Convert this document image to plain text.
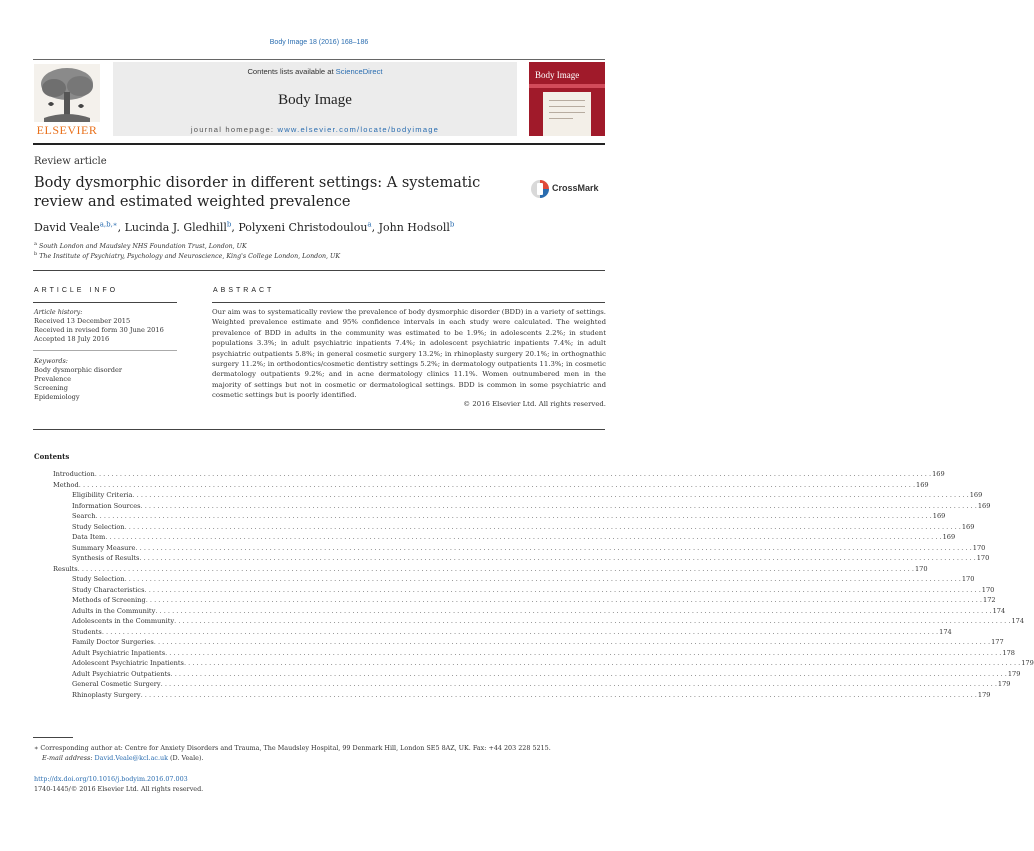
Body Image 18 (2016) 168–186
ELSEVIER
Contents lists available at ScienceDirect
Body Image
journal homepage: www.elsevier.com/locate/bodyimage
Body Image
Review article
Body dysmorphic disorder in different settings: A systematic review and estimated weighted prevalence
CrossMark
David Veale$^{a,b,∗}$, Lucinda J. Gledhill$^b$, Polyxeni Christodoulou$^a$, John Hodsoll$^b$
$^a$ South London and Maudsley NHS Foundation Trust, London, UK
$^b$ The Institute of Psychiatry, Psychology and Neuroscience, King's College London, London, UK
ARTICLE INFO
Article history:
Received 13 December 2015
Received in revised form 30 June 2016
Accepted 18 July 2016
Keywords:
Body dysmorphic disorder
Prevalence
Screening
Epidemiology
ABSTRACT
Our aim was to systematically review the prevalence of body dysmorphic disorder (BDD) in a variety of settings. Weighted prevalence estimate and 95% confidence intervals in each study were calculated. The weighted prevalence of BDD in adults in the community was estimated to be 1.9%; in adolescents 2.2%; in student populations 3.3%; in adult psychiatric inpatients 7.4%; in adolescent psychiatric inpatients 7.4%; in adult psychiatric outpatients 5.8%; in general cosmetic surgery 13.2%; in rhinoplasty surgery 20.1%; in orthognathic surgery 11.2%; in orthodontics/cosmetic dentistry settings 5.2%; in dermatology outpatients 11.3%; in cosmetic dermatology outpatients 9.2%; and in acne dermatology clinics 11.1%. Women outnumbered men in the majority of settings but not in cosmetic or dermatological settings. BDD is common in some psychiatric and cosmetic settings but is poorly identified.
© 2016 Elsevier Ltd. All rights reserved.
Contents
Introduction . . . . . . . . . . . . . . . . . . . . . . . . . . . . . . . . . . . . . . . . . . . . . . . . . . . . . . . . . . . . . . . . . . . . . . . . . . . . . . . . . . . . . . . . . . . . . . . . . . . . . . . . . . . . . . . . . . . . . . . . . . . . . . . . . . . . . . . . . . . . . . . . . . . . . . . . . . . . . . . . . . . . . . . . . . . . . . . . . . . . . . . . . . . . . . . . . . . . . . . . 169
Method . . . . . . . . . . . . . . . . . . . . . . . . . . . . . . . . . . . . . . . . . . . . . . . . . . . . . . . . . . . . . . . . . . . . . . . . . . . . . . . . . . . . . . . . . . . . . . . . . . . . . . . . . . . . . . . . . . . . . . . . . . . . . . . . . . . . . . . . . . . . . . . . . . . . . . . . . . . . . . . . . . . . . . . . . . . . . . . . . . . . . . . . . . . . . . . . . . . . . . . . 169
Eligibility Criteria . . . . . . . . . . . . . . . . . . . . . . . . . . . . . . . . . . . . . . . . . . . . . . . . . . . . . . . . . . . . . . . . . . . . . . . . . . . . . . . . . . . . . . . . . . . . . . . . . . . . . . . . . . . . . . . . . . . . . . . . . . . . . . . . . . . . . . . . . . . . . . . . . . . . . . . . . . . . . . . . . . . . . . . . . . . . . . . . . . . . . . . . . . . . . . . . . . . . . . . . 169
Information Sources . . . . . . . . . . . . . . . . . . . . . . . . . . . . . . . . . . . . . . . . . . . . . . . . . . . . . . . . . . . . . . . . . . . . . . . . . . . . . . . . . . . . . . . . . . . . . . . . . . . . . . . . . . . . . . . . . . . . . . . . . . . . . . . . . . . . . . . . . . . . . . . . . . . . . . . . . . . . . . . . . . . . . . . . . . . . . . . . . . . . . . . . . . . . . . . . . . . . . . . . 169
Search . . . . . . . . . . . . . . . . . . . . . . . . . . . . . . . . . . . . . . . . . . . . . . . . . . . . . . . . . . . . . . . . . . . . . . . . . . . . . . . . . . . . . . . . . . . . . . . . . . . . . . . . . . . . . . . . . . . . . . . . . . . . . . . . . . . . . . . . . . . . . . . . . . . . . . . . . . . . . . . . . . . . . . . . . . . . . . . . . . . . . . . . . . . . . . . . . . . . . . . . 169
Study Selection . . . . . . . . . . . . . . . . . . . . . . . . . . . . . . . . . . . . . . . . . . . . . . . . . . . . . . . . . . . . . . . . . . . . . . . . . . . . . . . . . . . . . . . . . . . . . . . . . . . . . . . . . . . . . . . . . . . . . . . . . . . . . . . . . . . . . . . . . . . . . . . . . . . . . . . . . . . . . . . . . . . . . . . . . . . . . . . . . . . . . . . . . . . . . . . . . . . . . . . . 169
Data Item . . . . . . . . . . . . . . . . . . . . . . . . . . . . . . . . . . . . . . . . . . . . . . . . . . . . . . . . . . . . . . . . . . . . . . . . . . . . . . . . . . . . . . . . . . . . . . . . . . . . . . . . . . . . . . . . . . . . . . . . . . . . . . . . . . . . . . . . . . . . . . . . . . . . . . . . . . . . . . . . . . . . . . . . . . . . . . . . . . . . . . . . . . . . . . . . . . . . . . . . 169
Summary Measure . . . . . . . . . . . . . . . . . . . . . . . . . . . . . . . . . . . . . . . . . . . . . . . . . . . . . . . . . . . . . . . . . . . . . . . . . . . . . . . . . . . . . . . . . . . . . . . . . . . . . . . . . . . . . . . . . . . . . . . . . . . . . . . . . . . . . . . . . . . . . . . . . . . . . . . . . . . . . . . . . . . . . . . . . . . . . . . . . . . . . . . . . . . . . . . . . . . . . . . . 170
Synthesis of Results . . . . . . . . . . . . . . . . . . . . . . . . . . . . . . . . . . . . . . . . . . . . . . . . . . . . . . . . . . . . . . . . . . . . . . . . . . . . . . . . . . . . . . . . . . . . . . . . . . . . . . . . . . . . . . . . . . . . . . . . . . . . . . . . . . . . . . . . . . . . . . . . . . . . . . . . . . . . . . . . . . . . . . . . . . . . . . . . . . . . . . . . . . . . . . . . . . . . . . . . 170
Results . . . . . . . . . . . . . . . . . . . . . . . . . . . . . . . . . . . . . . . . . . . . . . . . . . . . . . . . . . . . . . . . . . . . . . . . . . . . . . . . . . . . . . . . . . . . . . . . . . . . . . . . . . . . . . . . . . . . . . . . . . . . . . . . . . . . . . . . . . . . . . . . . . . . . . . . . . . . . . . . . . . . . . . . . . . . . . . . . . . . . . . . . . . . . . . . . . . . . . . . 170
Study Selection . . . . . . . . . . . . . . . . . . . . . . . . . . . . . . . . . . . . . . . . . . . . . . . . . . . . . . . . . . . . . . . . . . . . . . . . . . . . . . . . . . . . . . . . . . . . . . . . . . . . . . . . . . . . . . . . . . . . . . . . . . . . . . . . . . . . . . . . . . . . . . . . . . . . . . . . . . . . . . . . . . . . . . . . . . . . . . . . . . . . . . . . . . . . . . . . . . . . . . . . 170
Study Characteristics . . . . . . . . . . . . . . . . . . . . . . . . . . . . . . . . . . . . . . . . . . . . . . . . . . . . . . . . . . . . . . . . . . . . . . . . . . . . . . . . . . . . . . . . . . . . . . . . . . . . . . . . . . . . . . . . . . . . . . . . . . . . . . . . . . . . . . . . . . . . . . . . . . . . . . . . . . . . . . . . . . . . . . . . . . . . . . . . . . . . . . . . . . . . . . . . . . . . . . . . 170
Methods of Screening . . . . . . . . . . . . . . . . . . . . . . . . . . . . . . . . . . . . . . . . . . . . . . . . . . . . . . . . . . . . . . . . . . . . . . . . . . . . . . . . . . . . . . . . . . . . . . . . . . . . . . . . . . . . . . . . . . . . . . . . . . . . . . . . . . . . . . . . . . . . . . . . . . . . . . . . . . . . . . . . . . . . . . . . . . . . . . . . . . . . . . . . . . . . . . . . . . . . . . . . 172
Adults in the Community . . . . . . . . . . . . . . . . . . . . . . . . . . . . . . . . . . . . . . . . . . . . . . . . . . . . . . . . . . . . . . . . . . . . . . . . . . . . . . . . . . . . . . . . . . . . . . . . . . . . . . . . . . . . . . . . . . . . . . . . . . . . . . . . . . . . . . . . . . . . . . . . . . . . . . . . . . . . . . . . . . . . . . . . . . . . . . . . . . . . . . . . . . . . . . . . . . . . . . . . 174
Adolescents in the Community . . . . . . . . . . . . . . . . . . . . . . . . . . . . . . . . . . . . . . . . . . . . . . . . . . . . . . . . . . . . . . . . . . . . . . . . . . . . . . . . . . . . . . . . . . . . . . . . . . . . . . . . . . . . . . . . . . . . . . . . . . . . . . . . . . . . . . . . . . . . . . . . . . . . . . . . . . . . . . . . . . . . . . . . . . . . . . . . . . . . . . . . . . . . . . . . . . . . . . . . 174
Students . . . . . . . . . . . . . . . . . . . . . . . . . . . . . . . . . . . . . . . . . . . . . . . . . . . . . . . . . . . . . . . . . . . . . . . . . . . . . . . . . . . . . . . . . . . . . . . . . . . . . . . . . . . . . . . . . . . . . . . . . . . . . . . . . . . . . . . . . . . . . . . . . . . . . . . . . . . . . . . . . . . . . . . . . . . . . . . . . . . . . . . . . . . . . . . . . . . . . . . . 174
Family Doctor Surgeries . . . . . . . . . . . . . . . . . . . . . . . . . . . . . . . . . . . . . . . . . . . . . . . . . . . . . . . . . . . . . . . . . . . . . . . . . . . . . . . . . . . . . . . . . . . . . . . . . . . . . . . . . . . . . . . . . . . . . . . . . . . . . . . . . . . . . . . . . . . . . . . . . . . . . . . . . . . . . . . . . . . . . . . . . . . . . . . . . . . . . . . . . . . . . . . . . . . . . . . . 177
Adult Psychiatric Inpatients . . . . . . . . . . . . . . . . . . . . . . . . . . . . . . . . . . . . . . . . . . . . . . . . . . . . . . . . . . . . . . . . . . . . . . . . . . . . . . . . . . . . . . . . . . . . . . . . . . . . . . . . . . . . . . . . . . . . . . . . . . . . . . . . . . . . . . . . . . . . . . . . . . . . . . . . . . . . . . . . . . . . . . . . . . . . . . . . . . . . . . . . . . . . . . . . . . . . . . . . 178
Adolescent Psychiatric Inpatients . . . . . . . . . . . . . . . . . . . . . . . . . . . . . . . . . . . . . . . . . . . . . . . . . . . . . . . . . . . . . . . . . . . . . . . . . . . . . . . . . . . . . . . . . . . . . . . . . . . . . . . . . . . . . . . . . . . . . . . . . . . . . . . . . . . . . . . . . . . . . . . . . . . . . . . . . . . . . . . . . . . . . . . . . . . . . . . . . . . . . . . . . . . . . . . . . . . . . . . . 179
Adult Psychiatric Outpatients . . . . . . . . . . . . . . . . . . . . . . . . . . . . . . . . . . . . . . . . . . . . . . . . . . . . . . . . . . . . . . . . . . . . . . . . . . . . . . . . . . . . . . . . . . . . . . . . . . . . . . . . . . . . . . . . . . . . . . . . . . . . . . . . . . . . . . . . . . . . . . . . . . . . . . . . . . . . . . . . . . . . . . . . . . . . . . . . . . . . . . . . . . . . . . . . . . . . . . . . 179
General Cosmetic Surgery . . . . . . . . . . . . . . . . . . . . . . . . . . . . . . . . . . . . . . . . . . . . . . . . . . . . . . . . . . . . . . . . . . . . . . . . . . . . . . . . . . . . . . . . . . . . . . . . . . . . . . . . . . . . . . . . . . . . . . . . . . . . . . . . . . . . . . . . . . . . . . . . . . . . . . . . . . . . . . . . . . . . . . . . . . . . . . . . . . . . . . . . . . . . . . . . . . . . . . . . 179
Rhinoplasty Surgery . . . . . . . . . . . . . . . . . . . . . . . . . . . . . . . . . . . . . . . . . . . . . . . . . . . . . . . . . . . . . . . . . . . . . . . . . . . . . . . . . . . . . . . . . . . . . . . . . . . . . . . . . . . . . . . . . . . . . . . . . . . . . . . . . . . . . . . . . . . . . . . . . . . . . . . . . . . . . . . . . . . . . . . . . . . . . . . . . . . . . . . . . . . . . . . . . . . . . . . . 179
∗ Corresponding author at: Centre for Anxiety Disorders and Trauma, The Maudsley Hospital, 99 Denmark Hill, London SE5 8AZ, UK. Fax: +44 203 228 5215.
E-mail address: David.Veale@kcl.ac.uk (D. Veale).
http://dx.doi.org/10.1016/j.bodyim.2016.07.003
1740-1445/© 2016 Elsevier Ltd. All rights reserved.
